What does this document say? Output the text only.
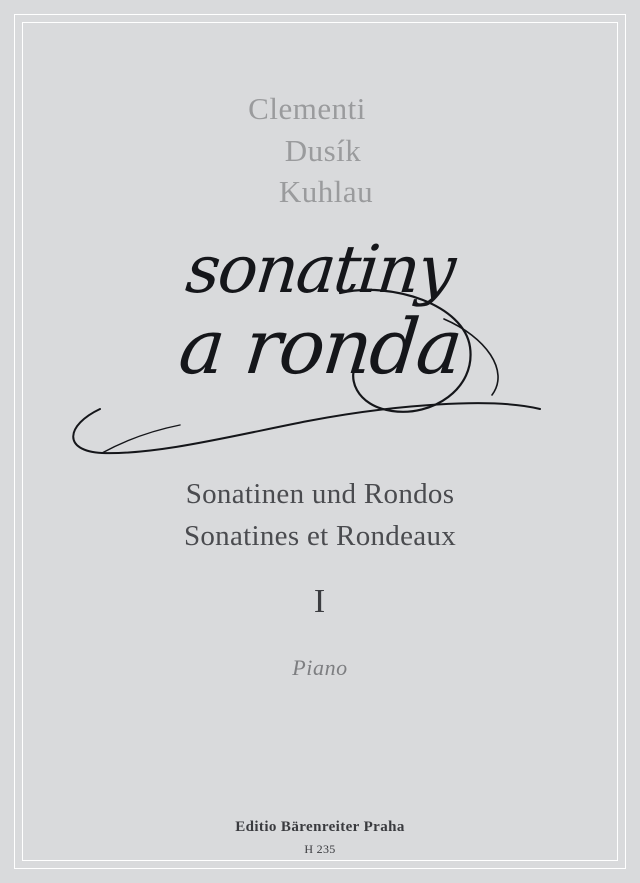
Clementi
Dusík
Kuhlau
sonatiny
a ronda
Sonatinen und Rondos
Sonatines et Rondeaux
I
Piano
Editio Bärenreiter Praha
H 235
